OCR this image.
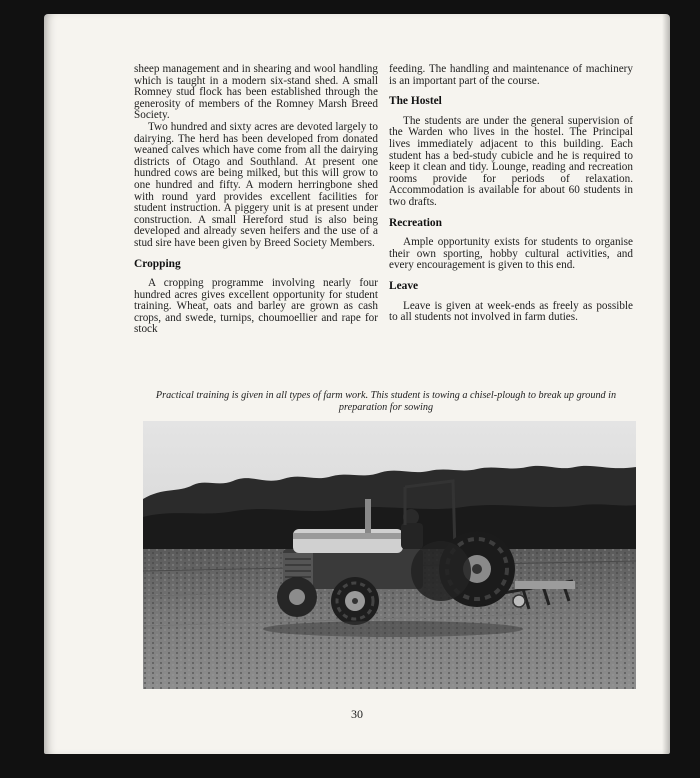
sheep management and in shearing and wool handling which is taught in a modern six-stand shed. A small Romney stud flock has been established through the generosity of members of the Romney Marsh Breed Society.

Two hundred and sixty acres are devoted largely to dairying. The herd has been developed from donated weaned calves which have come from all the dairying districts of Otago and Southland. At present one hundred cows are being milked, but this will grow to one hundred and fifty. A modern herringbone shed with round yard provides excellent facilities for student instruction. A piggery unit is at present under construction. A small Hereford stud is also being developed and already seven heifers and the use of a stud sire have been given by Breed Society Members.

Cropping

A cropping programme involving nearly four hundred acres gives excellent opportunity for student training. Wheat, oats and barley are grown as cash crops, and swede, turnips, choumoellier and rape for stock

feeding. The handling and maintenance of machinery is an important part of the course.

The Hostel

The students are under the general supervision of the Warden who lives in the hostel. The Principal lives immediately adjacent to this building. Each student has a bed-study cubicle and he is required to keep it clean and tidy. Lounge, reading and recreation rooms provide for periods of relaxation. Accommodation is available for about 60 students in two drafts.

Recreation

Ample opportunity exists for students to organise their own sporting, hobby cultural activities, and every encouragement is given to this end.

Leave

Leave is given at week-ends as freely as possible to all students not involved in farm duties.

Practical training is given in all types of farm work. This student is towing a chisel-plough to break up ground in preparation for sowing
30
